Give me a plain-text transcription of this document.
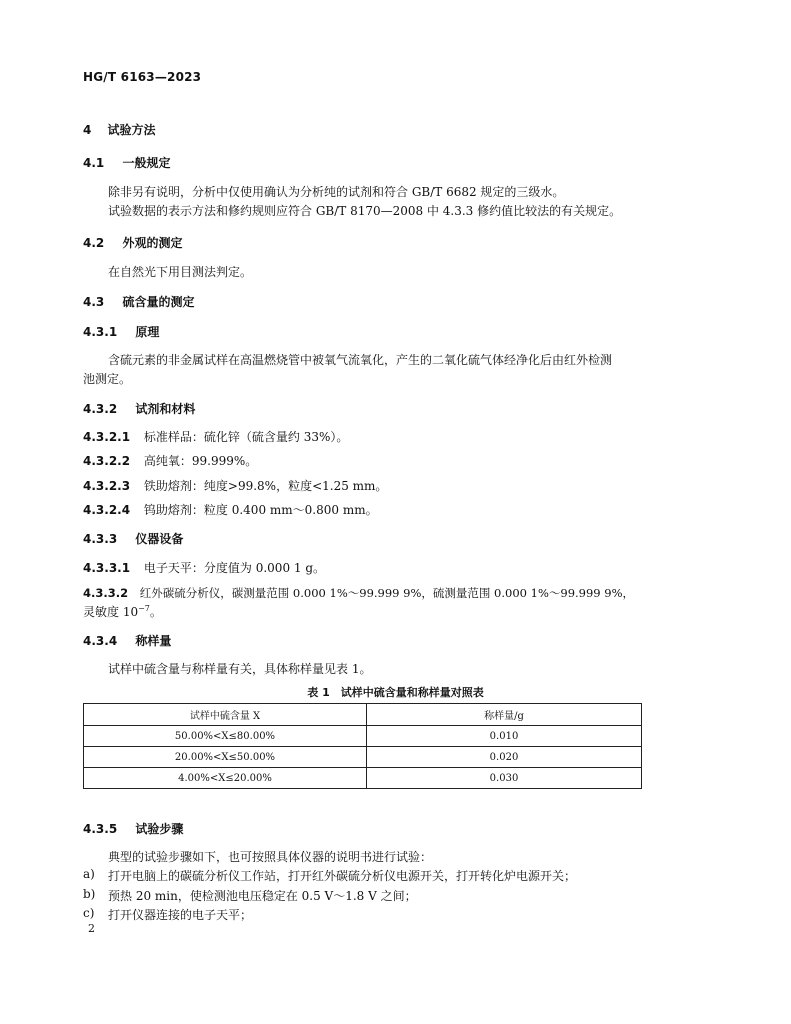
HG/T 6163—2023
4 试验方法
4.1 一般规定
除非另有说明，分析中仅使用确认为分析纯的试剂和符合 GB/T 6682 规定的三级水。
试验数据的表示方法和修约规则应符合 GB/T 8170—2008 中 4.3.3 修约值比较法的有关规定。
4.2 外观的测定
在自然光下用目测法判定。
4.3 硫含量的测定
4.3.1 原理
含硫元素的非金属试样在高温燃烧管中被氧气流氧化，产生的二氧化硫气体经净化后由红外检测
池测定。
4.3.2 试剂和材料
4.3.2.1 标准样品：硫化锌（硫含量约 33%）。
4.3.2.2 高纯氧：99.999%。
4.3.2.3 铁助熔剂：纯度>99.8%，粒度<1.25 mm。
4.3.2.4 钨助熔剂：粒度 0.400 mm～0.800 mm。
4.3.3 仪器设备
4.3.3.1 电子天平：分度值为 0.000 1 g。
4.3.3.2 红外碳硫分析仪，碳测量范围 0.000 1%～99.999 9%，硫测量范围 0.000 1%～99.999 9%，
灵敏度 $10^{-7}$。
4.3.4 称样量
试样中硫含量与称样量有关，具体称样量见表 1。
表 1　试样中硫含量和称样量对照表
试样中硫含量 X	称样量/g
50.00%<X≤80.00%	0.010
20.00%<X≤50.00%	0.020
4.00%<X≤20.00%	0.030
4.3.5 试验步骤
典型的试验步骤如下，也可按照具体仪器的说明书进行试验：
a) 打开电脑上的碳硫分析仪工作站，打开红外碳硫分析仪电源开关，打开转化炉电源开关；
b) 预热 20 min，使检测池电压稳定在 0.5 V～1.8 V 之间；
c) 打开仪器连接的电子天平；
2
